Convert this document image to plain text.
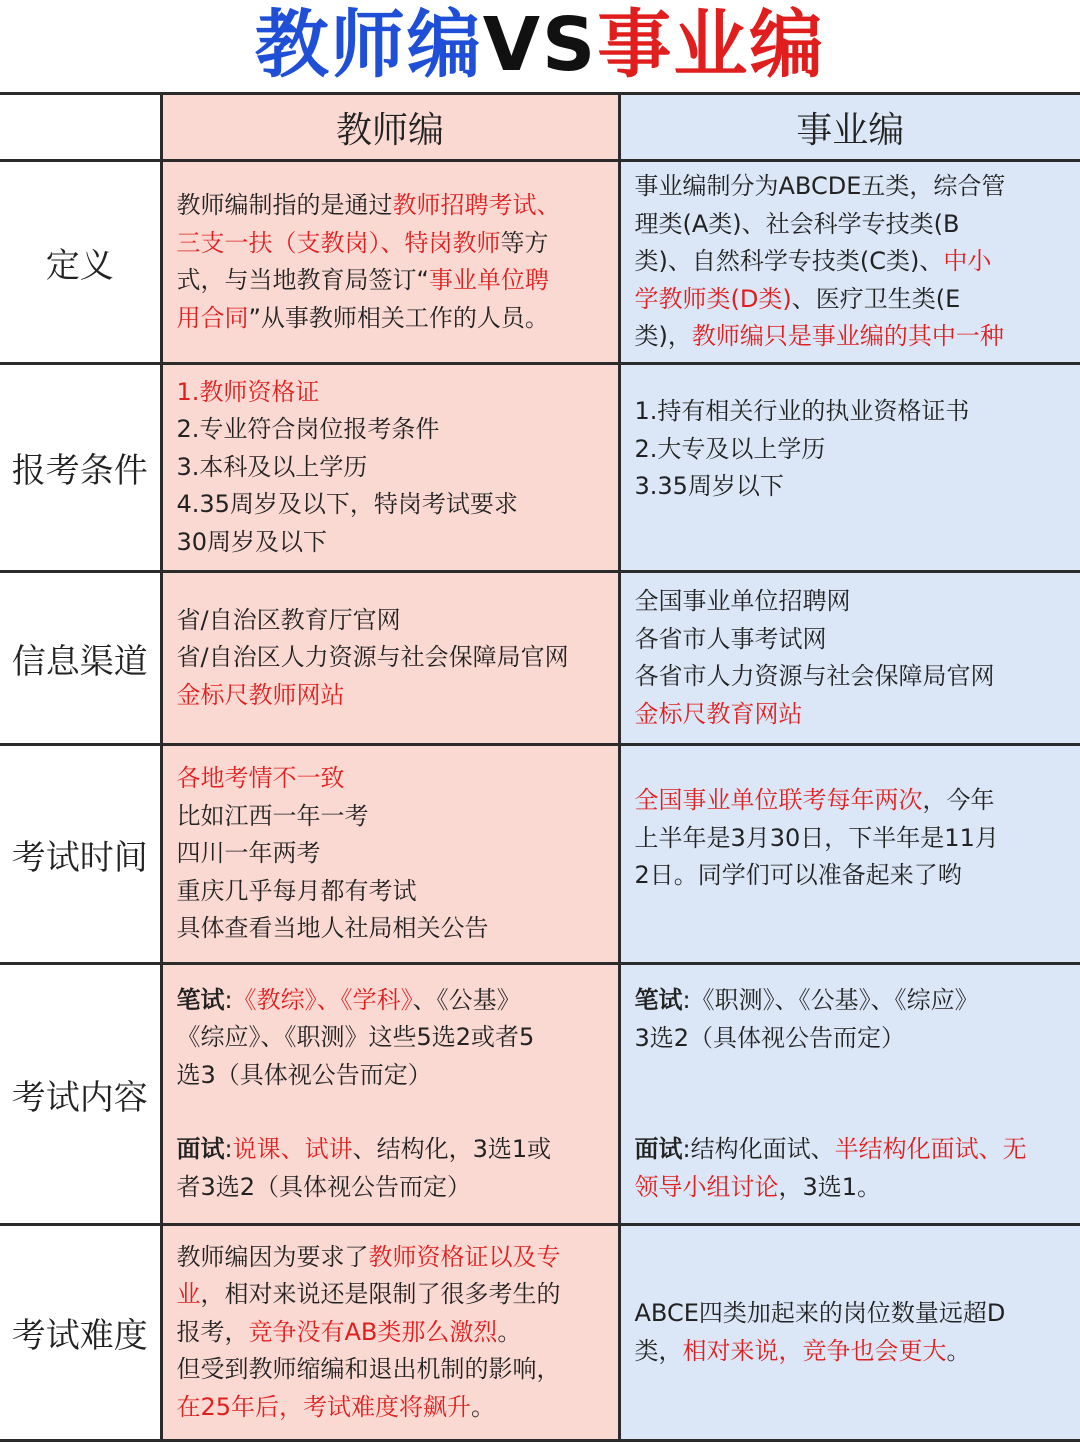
教师编VS事业编
	教师编	事业编
定义	教师编制指的是通过教师招聘考试、
三支一扶（支教岗）、特岗教师等方
式，与当地教育局签订“事业单位聘
用合同”从事教师相关工作的人员。	事业编制分为ABCDE五类，综合管
理类(A类)、社会科学专技类(B
类)、自然科学专技类(C类)、中小
学教师类(D类)、医疗卫生类(E
类)，教师编只是事业编的其中一种

报考条件	1.教师资格证
2.专业符合岗位报考条件
3.本科及以上学历
4.35周岁及以下，特岗考试要求
30周岁及以下	1.持有相关行业的执业资格证书
2.大专及以上学历
3.35周岁以下

信息渠道	省/自治区教育厅官网
省/自治区人力资源与社会保障局官网
金标尺教师网站	全国事业单位招聘网
各省市人事考试网
各省市人力资源与社会保障局官网
金标尺教育网站

考试时间	各地考情不一致
比如江西一年一考
四川一年两考
重庆几乎每月都有考试
具体查看当地人社局相关公告	全国事业单位联考每年两次，今年
上半年是3月30日，下半年是11月
2日。同学们可以准备起来了哟

考试内容	笔试:《教综》、《学科》、《公基》
《综应》、《职测》这些5选2或者5
选3（具体视公告而定）
面试:说课、试讲、结构化，3选1或
者3选2（具体视公告而定）	笔试:《职测》、《公基》、《综应》
3选2（具体视公告而定）
面试:结构化面试、半结构化面试、无
领导小组讨论，3选1。

考试难度	教师编因为要求了教师资格证以及专
业，相对来说还是限制了很多考生的
报考，竞争没有AB类那么激烈。
但受到教师缩编和退出机制的影响，
在25年后，考试难度将飙升。	ABCE四类加起来的岗位数量远超D
类，相对来说，竞争也会更大。
